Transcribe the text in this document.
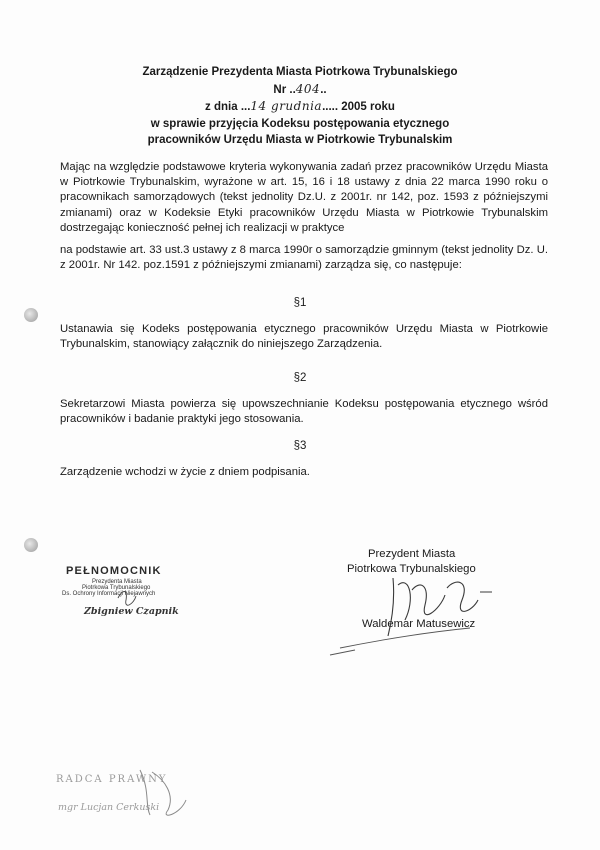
Zarządzenie Prezydenta Miasta Piotrkowa Trybunalskiego
Nr ..404..
z dnia ...14 grudnia..... 2005 roku
w sprawie przyjęcia Kodeksu postępowania etycznego
pracowników Urzędu Miasta w Piotrkowie Trybunalskim
Mając na względzie podstawowe kryteria wykonywania zadań przez pracowników Urzędu Miasta w Piotrkowie Trybunalskim, wyrażone w art. 15, 16 i 18 ustawy z dnia 22 marca 1990 roku o pracownikach samorządowych (tekst jednolity Dz.U. z 2001r. nr 142, poz. 1593 z późniejszymi zmianami) oraz w Kodeksie Etyki pracowników Urzędu Miasta w Piotrkowie Trybunalskim dostrzegając konieczność pełnej ich realizacji w praktyce
na podstawie art. 33 ust.3 ustawy z 8 marca 1990r o samorządzie gminnym (tekst jednolity Dz. U. z 2001r. Nr 142. poz.1591 z późniejszymi zmianami) zarządza się, co następuje:
§1
Ustanawia się Kodeks postępowania etycznego pracowników Urzędu Miasta w Piotrkowie Trybunalskim, stanowiący załącznik do niniejszego Zarządzenia.
§2
Sekretarzowi Miasta powierza się upowszechnianie Kodeksu postępowania etycznego wśród pracowników i badanie praktyki jego stosowania.
§3
Zarządzenie wchodzi w życie z dniem podpisania.
PEŁNOMOCNIK
Prezydenta Miasta
Piotrkowa Trybunalskiego
Ds. Ochrony Informacji Niejawnych
Zbigniew Czapnik
Prezydent Miasta
Piotrkowa Trybunalskiego
Waldemar Matusewicz
RADCA PRAWNY
mgr Lucjan Cerkuski
